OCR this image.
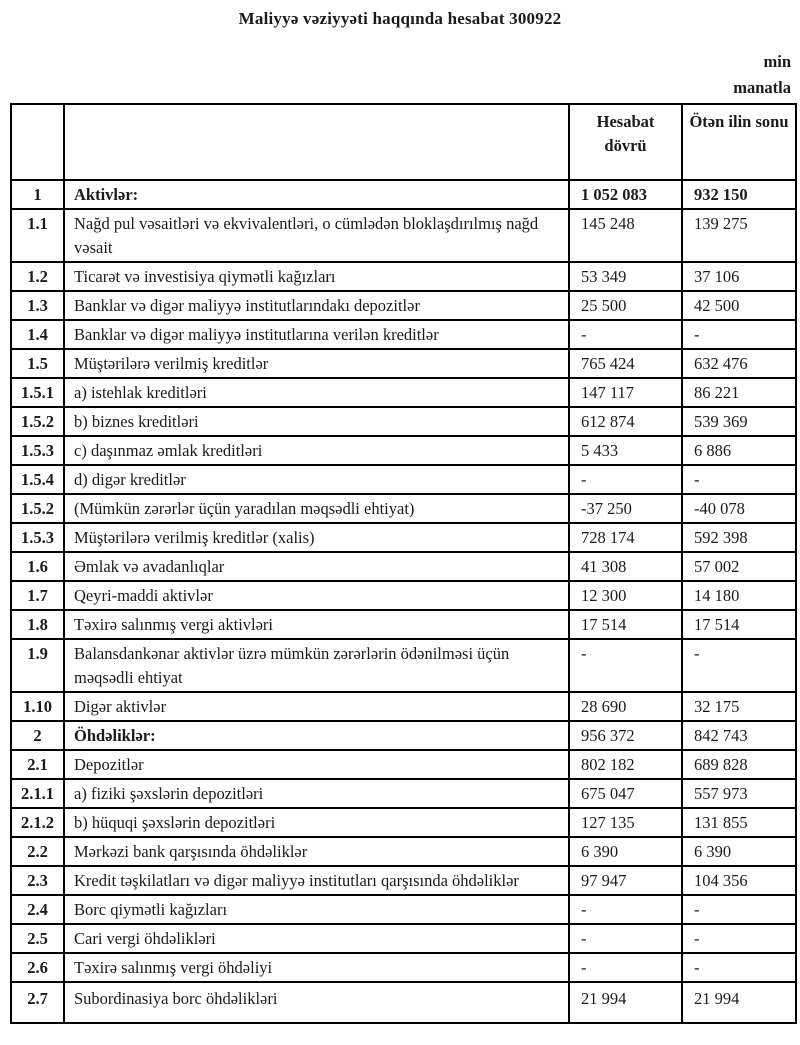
Maliyyə vəziyyəti haqqında hesabat 300922
min
manatla
		Hesabat dövrü	Ötən ilin sonu
1	Aktivlər:	1 052 083	932 150
1.1	Nağd pul vəsaitləri və ekvivalentləri, o cümlədən bloklaşdırılmış nağd vəsait	145 248	139 275
1.2	Ticarət və investisiya qiymətli kağızları	53 349	37 106
1.3	Banklar və digər maliyyə institutlarındakı depozitlər	25 500	42 500
1.4	Banklar və digər maliyyə institutlarına verilən kreditlər	-	-
1.5	Müştərilərə verilmiş kreditlər	765 424	632 476
1.5.1	a) istehlak kreditləri	147 117	86 221
1.5.2	b) biznes kreditləri	612 874	539 369
1.5.3	c) daşınmaz əmlak kreditləri	5 433	6 886
1.5.4	d) digər kreditlər	-	-
1.5.2	(Mümkün zərərlər üçün yaradılan məqsədli ehtiyat)	-37 250	-40 078
1.5.3	Müştərilərə verilmiş kreditlər (xalis)	728 174	592 398
1.6	Əmlak və avadanlıqlar	41 308	57 002
1.7	Qeyri-maddi aktivlər	12 300	14 180
1.8	Təxirə salınmış vergi aktivləri	17 514	17 514
1.9	Balansdankənar aktivlər üzrə mümkün zərərlərin ödənilməsi üçün məqsədli ehtiyat	-	-
1.10	Digər aktivlər	28 690	32 175
2	Öhdəliklər:	956 372	842 743
2.1	Depozitlər	802 182	689 828
2.1.1	a) fiziki şəxslərin depozitləri	675 047	557 973
2.1.2	b) hüquqi şəxslərin depozitləri	127 135	131 855
2.2	Mərkəzi bank qarşısında öhdəliklər	6 390	6 390
2.3	Kredit təşkilatları və digər maliyyə institutları qarşısında öhdəliklər	97 947	104 356
2.4	Borc qiymətli kağızları	-	-
2.5	Cari vergi öhdəlikləri	-	-
2.6	Təxirə salınmış vergi öhdəliyi	-	-
2.7	Subordinasiya borc öhdəlikləri	21 994	21 994
